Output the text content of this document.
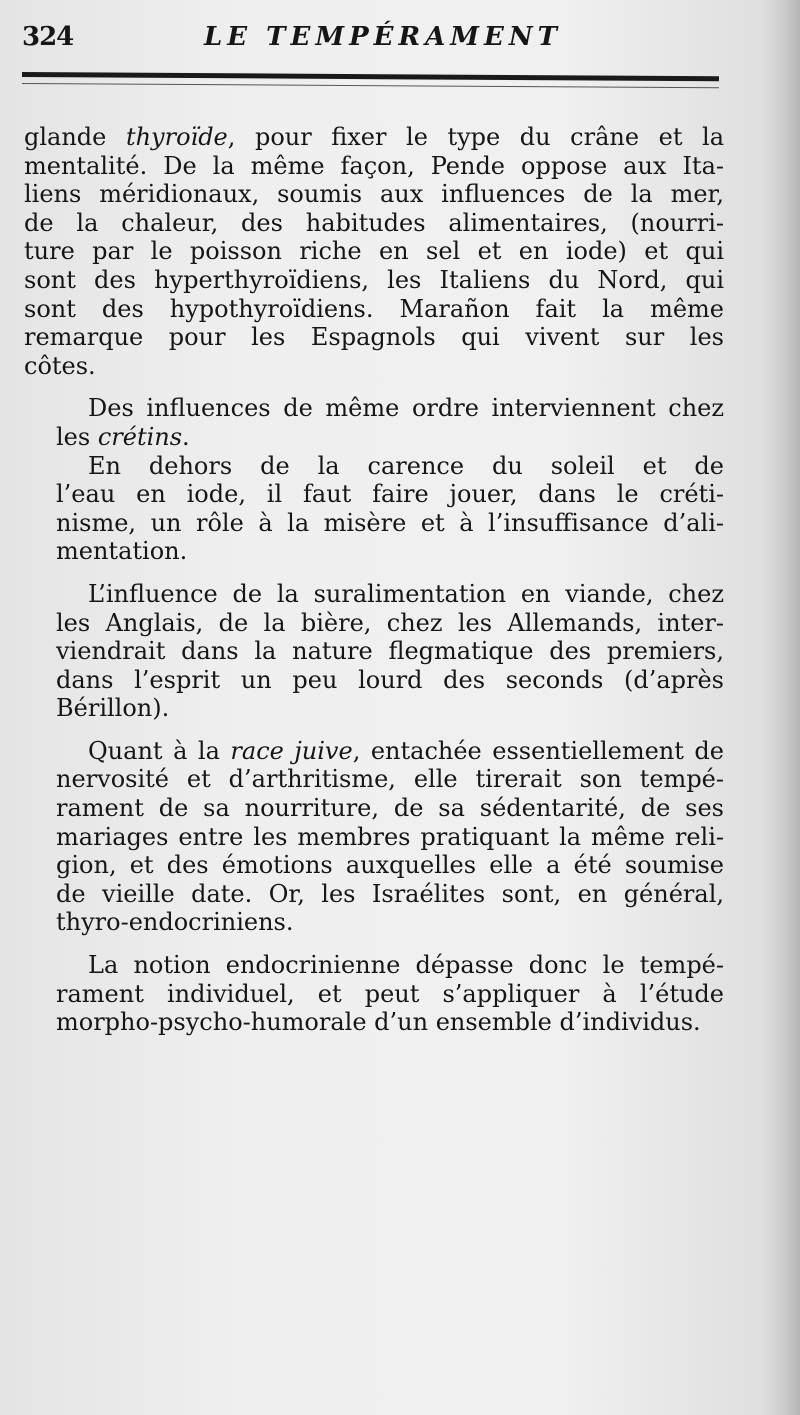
324	LE TEMPÉRAMENT
glande thyroïde, pour fixer le type du crâne et la
mentalité. De la même façon, Pende oppose aux Ita-
liens méridionaux, soumis aux influences de la mer,
de la chaleur, des habitudes alimentaires, (nourri-
ture par le poisson riche en sel et en iode) et qui
sont des hyperthyroïdiens, les Italiens du Nord, qui
sont des hypothyroïdiens. Marañon fait la même
remarque pour les Espagnols qui vivent sur les
côtes.
Des influences de même ordre interviennent chez
les crétins.
En dehors de la carence du soleil et de
l’eau en iode, il faut faire jouer, dans le créti-
nisme, un rôle à la misère et à l’insuffisance d’ali-
mentation.
L’influence de la suralimentation en viande, chez
les Anglais, de la bière, chez les Allemands, inter-
viendrait dans la nature flegmatique des premiers,
dans l’esprit un peu lourd des seconds (d’après
Bérillon).
Quant à la race juive, entachée essentiellement de
nervosité et d’arthritisme, elle tirerait son tempé-
rament de sa nourriture, de sa sédentarité, de ses
mariages entre les membres pratiquant la même reli-
gion, et des émotions auxquelles elle a été soumise
de vieille date. Or, les Israélites sont, en général,
thyro-endocriniens.
La notion endocrinienne dépasse donc le tempé-
rament individuel, et peut s’appliquer à l’étude
morpho-psycho-humorale d’un ensemble d’individus.
